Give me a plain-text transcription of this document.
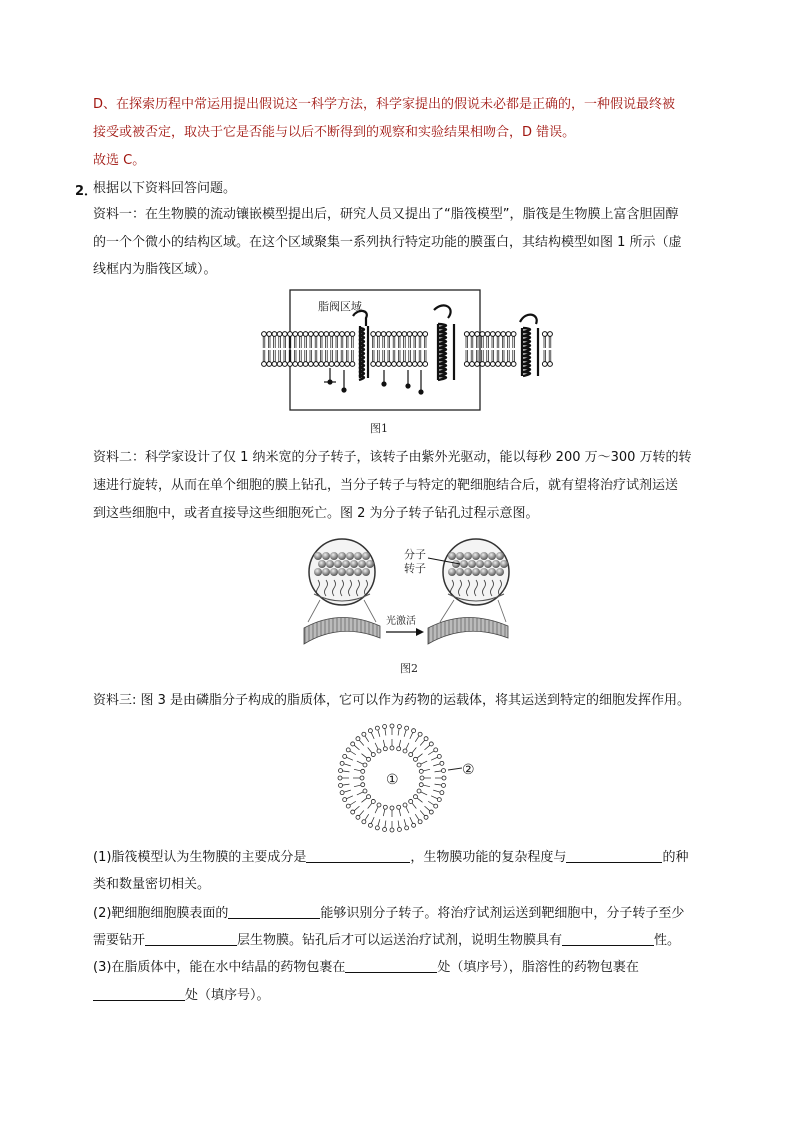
D、在探索历程中常运用提出假说这一科学方法，科学家提出的假说未必都是正确的，一种假说最终被
接受或被否定，取决于它是否能与以后不断得到的观察和实验结果相吻合，D 错误。
故选 C。
2．
根据以下资料回答问题。
资料一：在生物膜的流动镶嵌模型提出后，研究人员又提出了“脂筏模型”，脂筏是生物膜上富含胆固醇
的一个个微小的结构区域。在这个区域聚集一系列执行特定功能的膜蛋白，其结构模型如图 1 所示（虚
线框内为脂筏区域）。
脂阀区域
图1
资料二：科学家设计了仅 1 纳米宽的分子转子，该转子由紫外光驱动，能以每秒 200 万～300 万转的转
速进行旋转，从而在单个细胞的膜上钻孔，当分子转子与特定的靶细胞结合后，就有望将治疗试剂运送
到这些细胞中，或者直接导这些细胞死亡。图 2 为分子转子钻孔过程示意图。
光激活
分子
转子
图2
资料三: 图 3 是由磷脂分子构成的脂质体，它可以作为药物的运载体，将其运送到特定的细胞发挥作用。
①
②
(1)脂筏模型认为生物膜的主要成分是	，生物膜功能的复杂程度与	的种
类和数量密切相关。
(2)靶细胞细胞膜表面的	能够识别分子转子。将治疗试剂运送到靶细胞中，分子转子至少
需要钻开	层生物膜。钻孔后才可以运送治疗试剂，说明生物膜具有	性。
(3)在脂质体中，能在水中结晶的药物包裹在	处（填序号），脂溶性的药物包裹在
处（填序号）。
